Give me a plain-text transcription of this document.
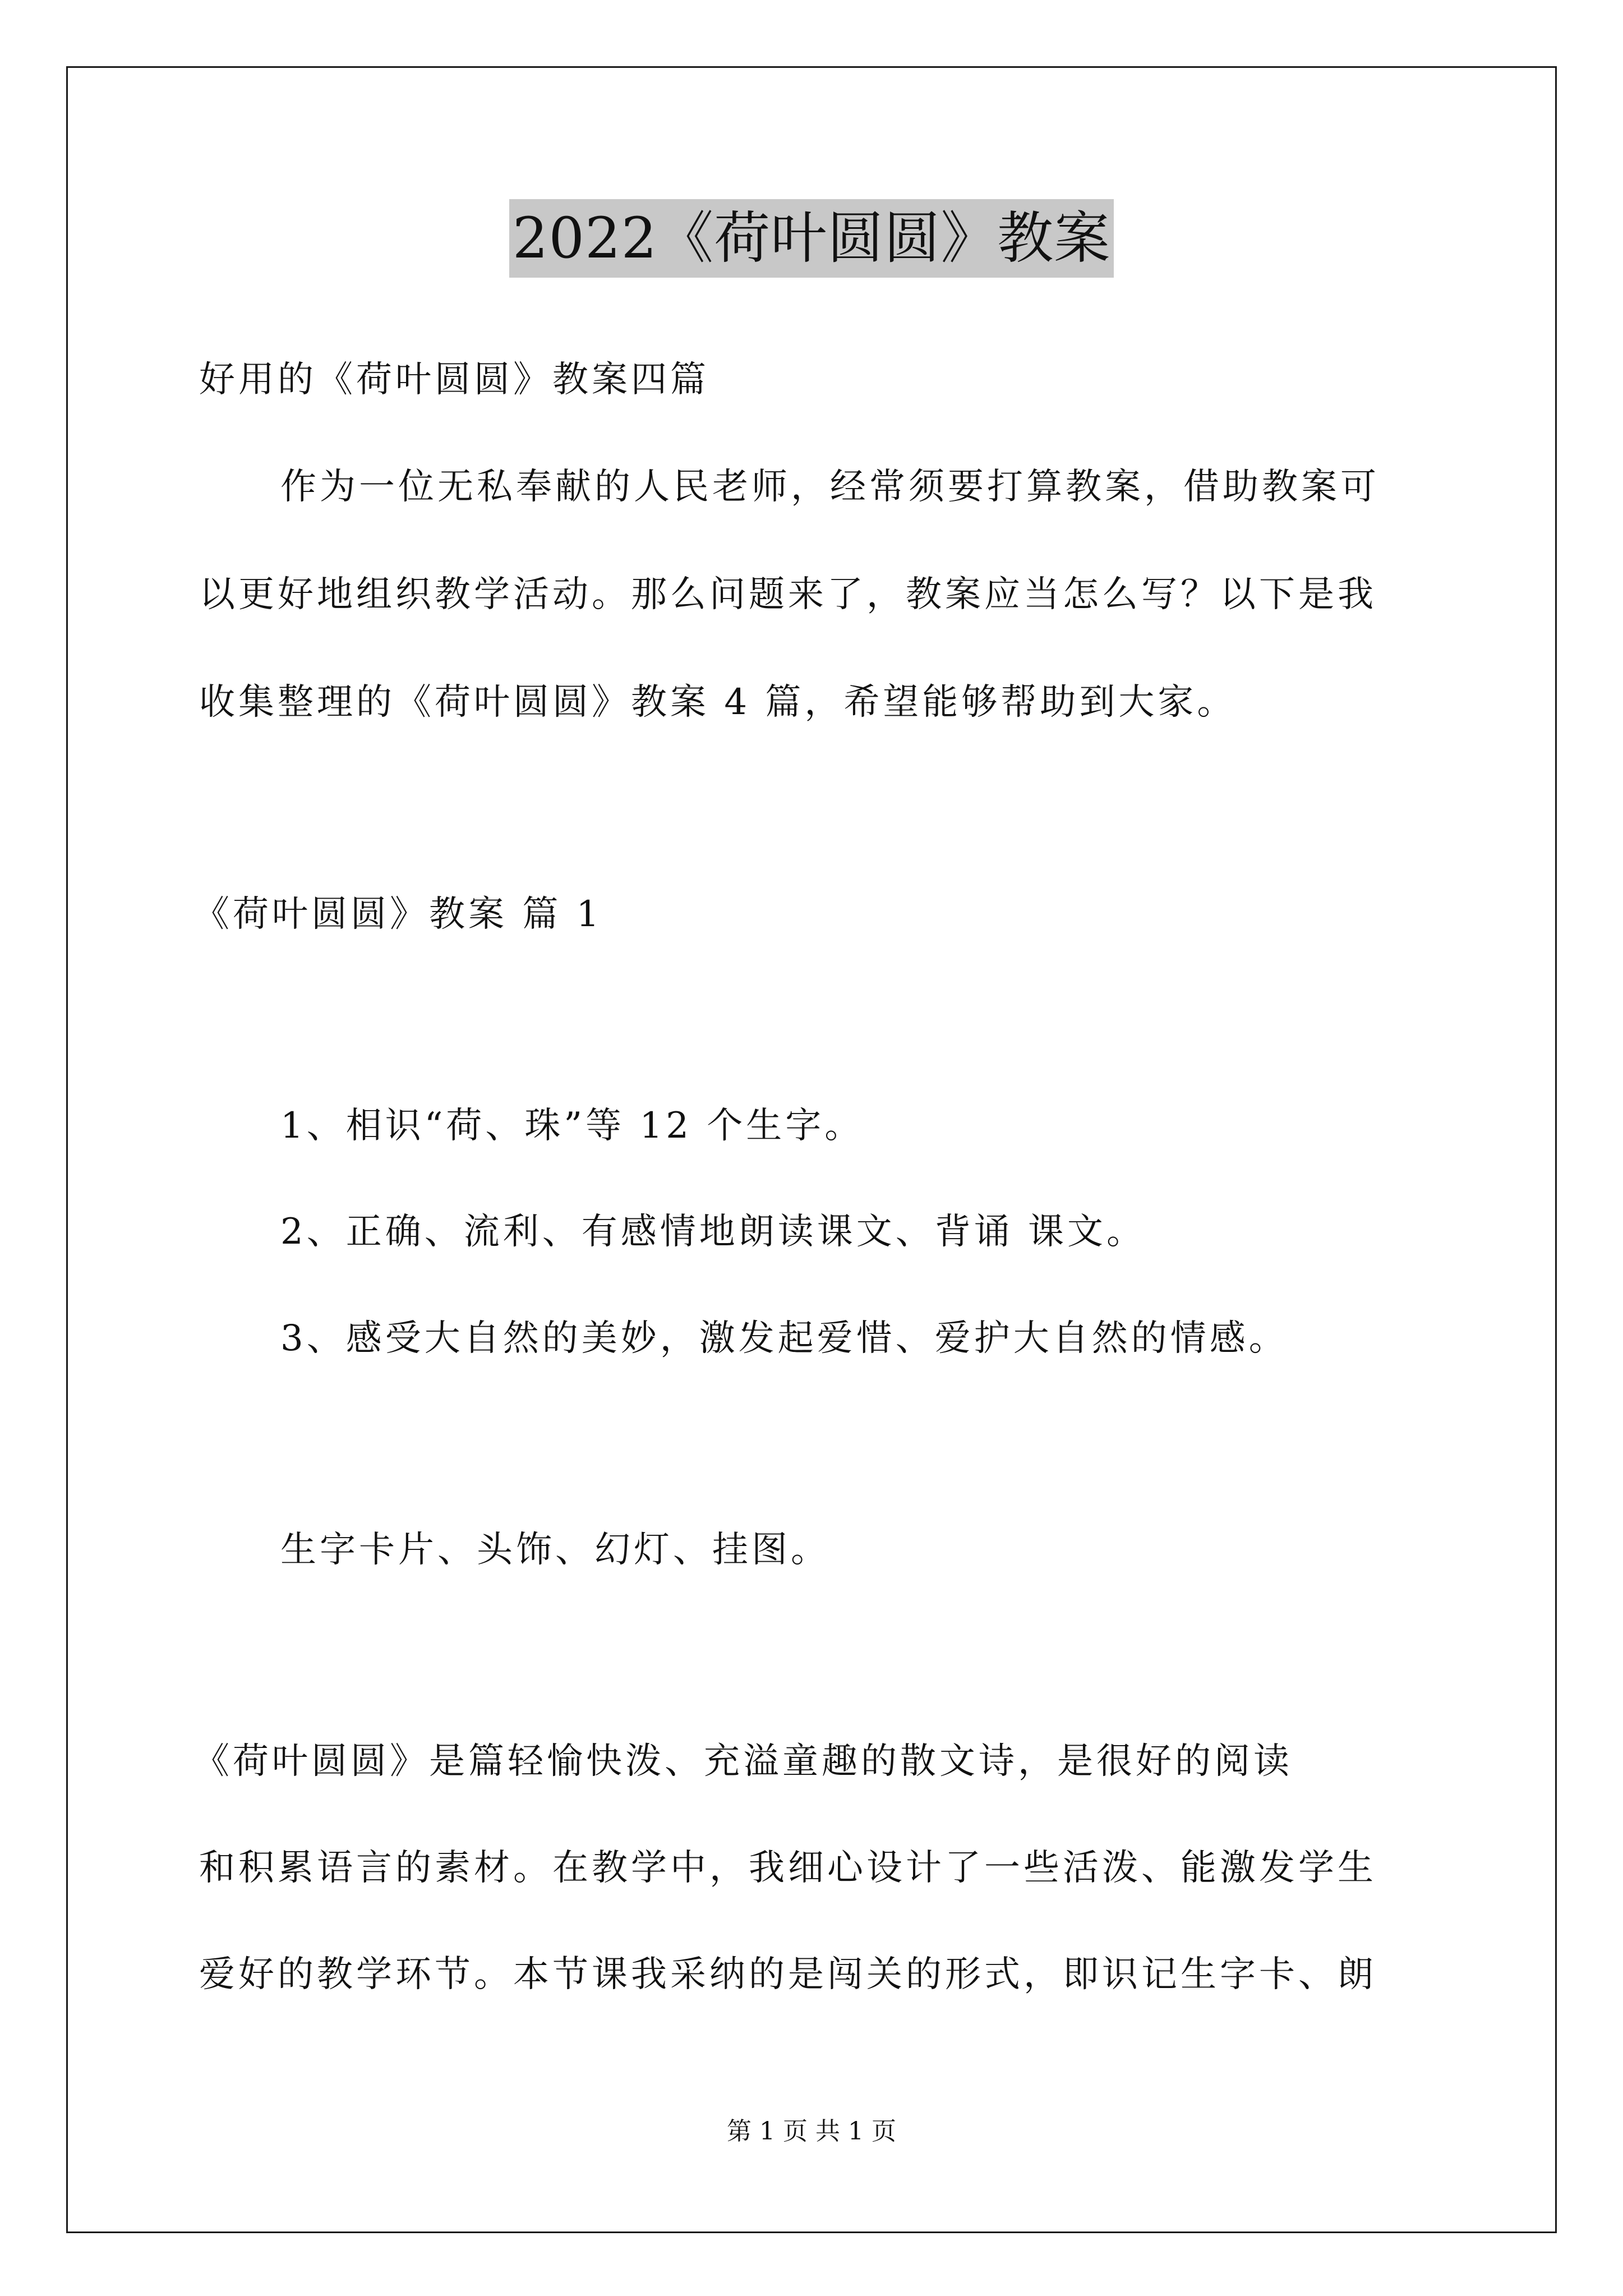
2022《荷叶圆圆》教案
好用的《荷叶圆圆》教案四篇
作为一位无私奉献的人民老师，经常须要打算教案，借助教案可
以更好地组织教学活动。那么问题来了，教案应当怎么写？以下是我
收集整理的《荷叶圆圆》教案 4 篇，希望能够帮助到大家。
《荷叶圆圆》教案 篇 1
1、相识“荷、珠”等 12 个生字。
2、正确、流利、有感情地朗读课文、背诵 课文。
3、感受大自然的美妙，激发起爱惜、爱护大自然的情感。
生字卡片、头饰、幻灯、挂图。
《荷叶圆圆》是篇轻愉快泼、充溢童趣的散文诗，是很好的阅读
和积累语言的素材。在教学中，我细心设计了一些活泼、能激发学生
爱好的教学环节。本节课我采纳的是闯关的形式，即识记生字卡、朗
第 1 页 共 1 页
